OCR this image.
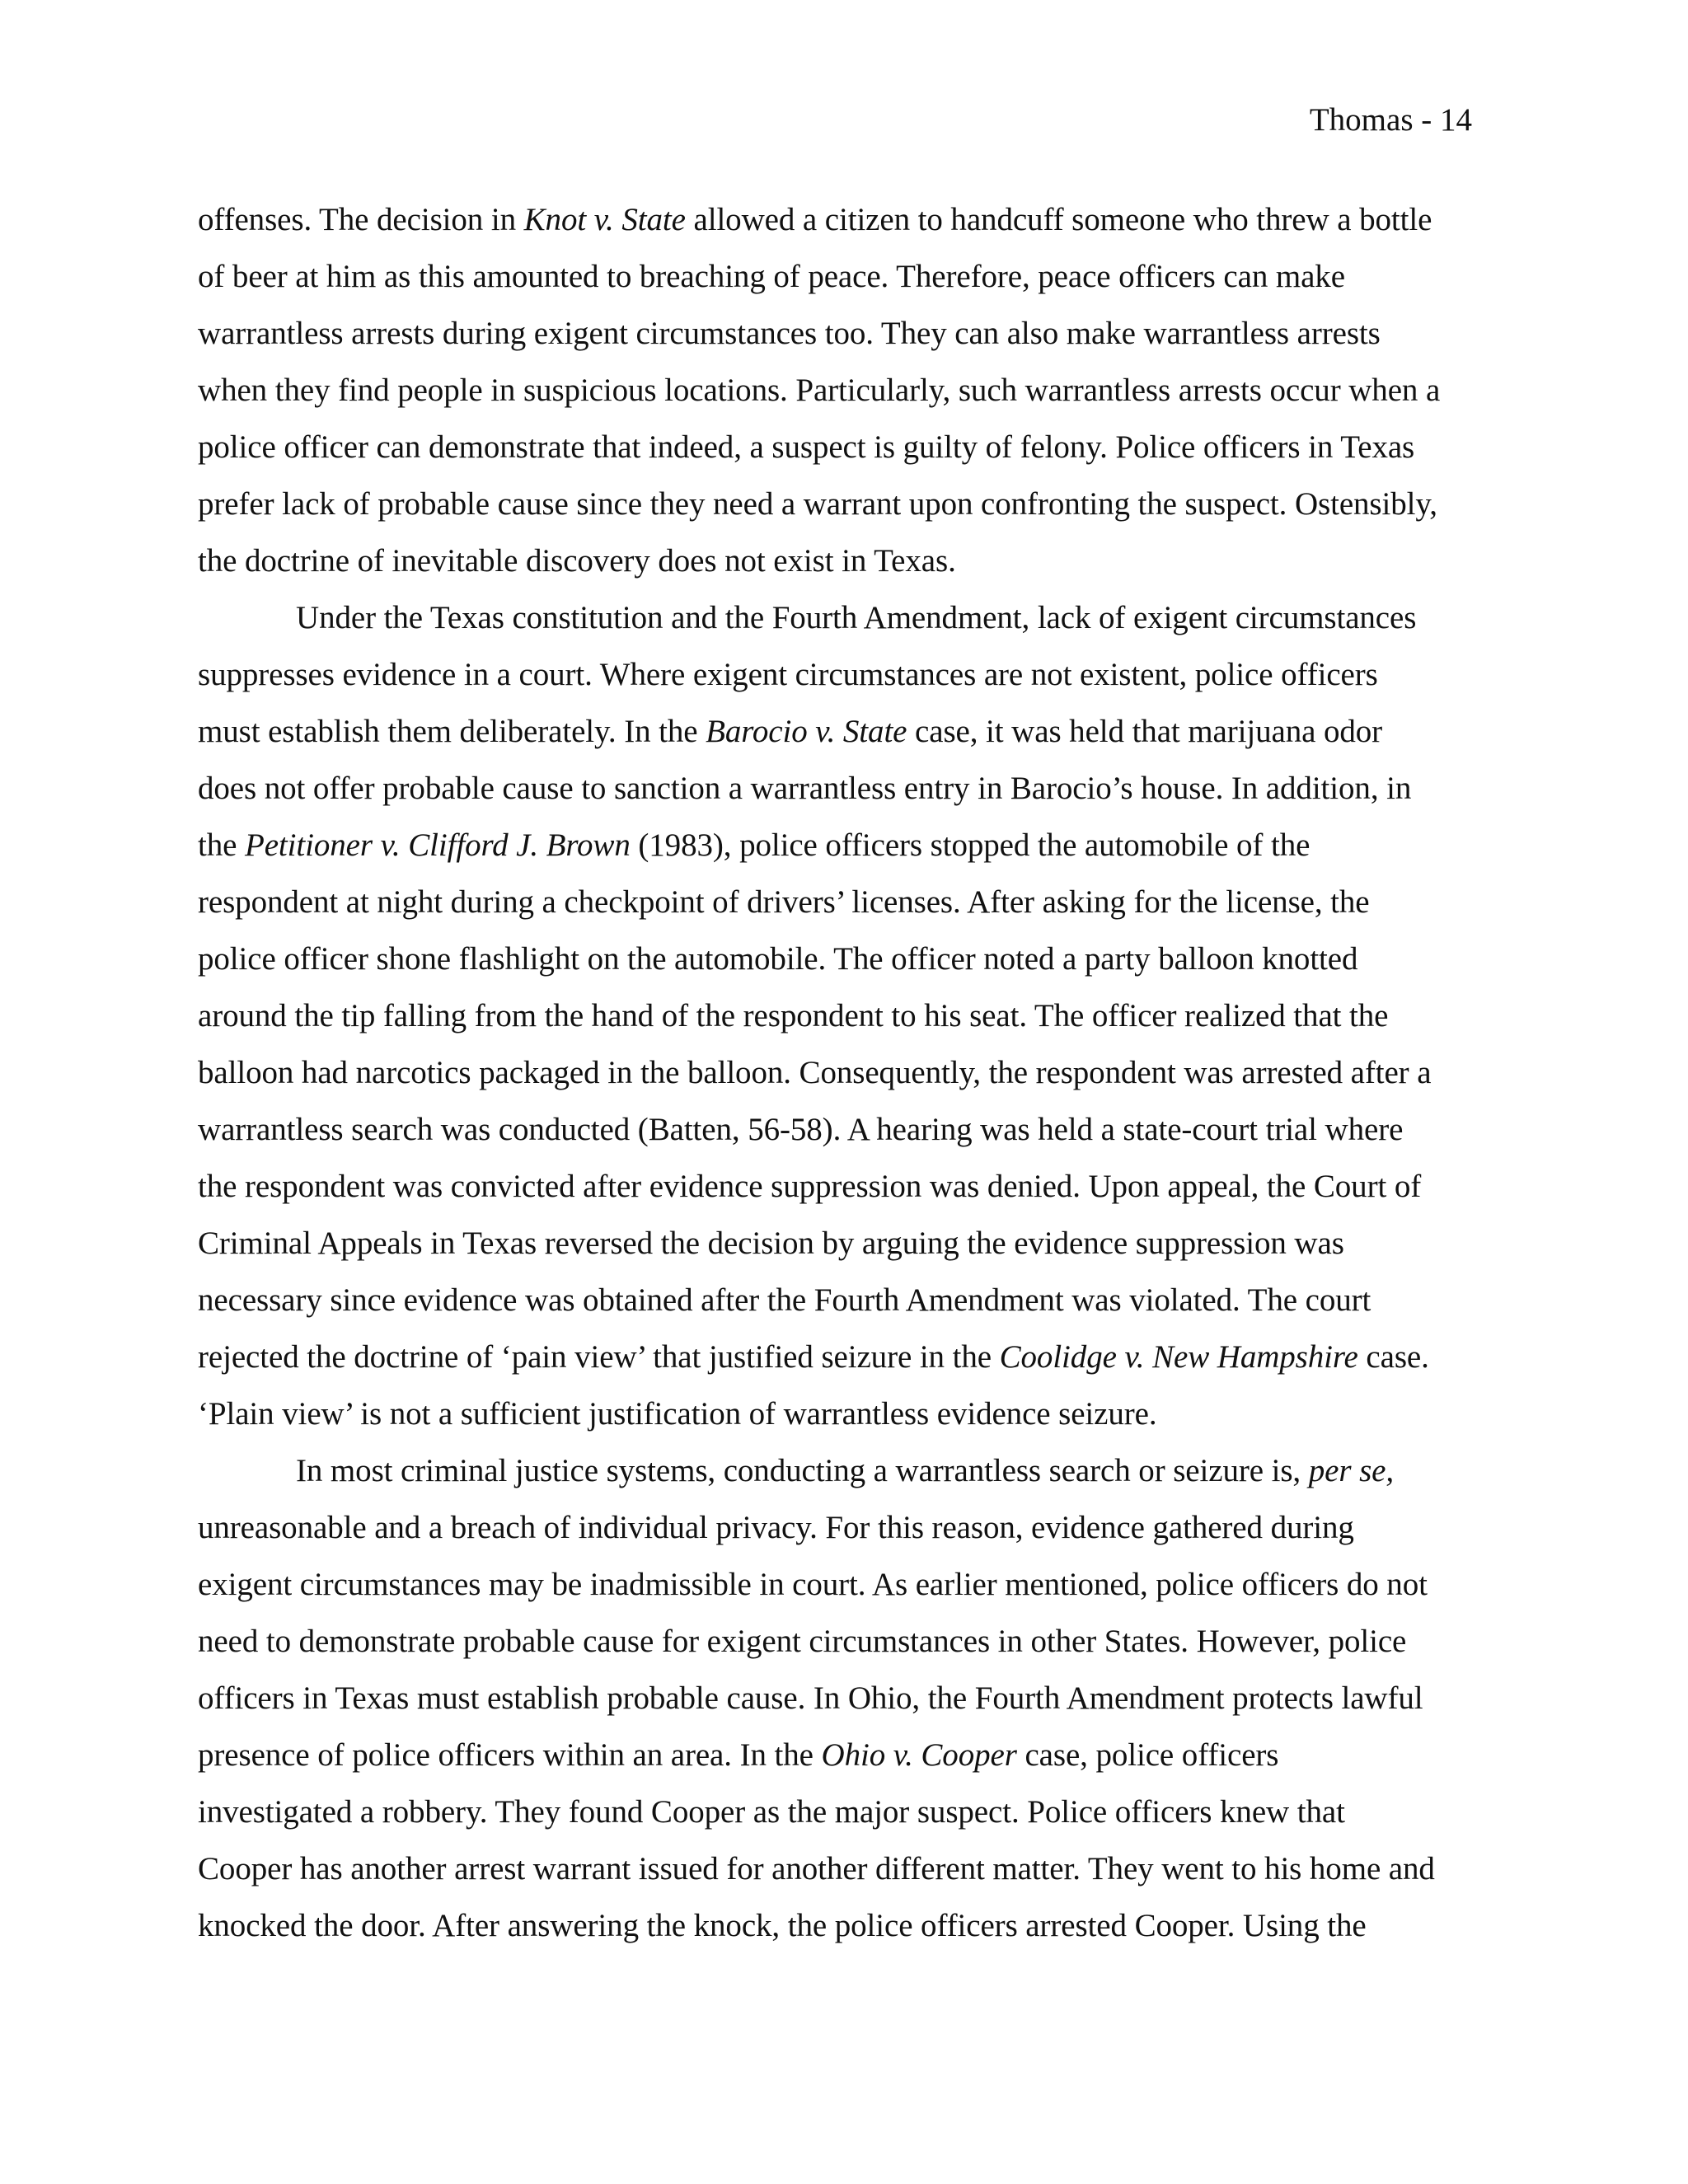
Thomas - 14
offenses. The decision in Knot v. State allowed a citizen to handcuff someone who threw a bottle
of beer at him as this amounted to breaching of peace. Therefore, peace officers can make
warrantless arrests during exigent circumstances too. They can also make warrantless arrests
when they find people in suspicious locations. Particularly, such warrantless arrests occur when a
police officer can demonstrate that indeed, a suspect is guilty of felony. Police officers in Texas
prefer lack of probable cause since they need a warrant upon confronting the suspect. Ostensibly,
the doctrine of inevitable discovery does not exist in Texas.
Under the Texas constitution and the Fourth Amendment, lack of exigent circumstances
suppresses evidence in a court. Where exigent circumstances are not existent, police officers
must establish them deliberately. In the Barocio v. State case, it was held that marijuana odor
does not offer probable cause to sanction a warrantless entry in Barocio’s house. In addition, in
the Petitioner v. Clifford J. Brown (1983), police officers stopped the automobile of the
respondent at night during a checkpoint of drivers’ licenses. After asking for the license, the
police officer shone flashlight on the automobile. The officer noted a party balloon knotted
around the tip falling from the hand of the respondent to his seat. The officer realized that the
balloon had narcotics packaged in the balloon. Consequently, the respondent was arrested after a
warrantless search was conducted (Batten, 56-58). A hearing was held a state-court trial where
the respondent was convicted after evidence suppression was denied. Upon appeal, the Court of
Criminal Appeals in Texas reversed the decision by arguing the evidence suppression was
necessary since evidence was obtained after the Fourth Amendment was violated. The court
rejected the doctrine of ‘pain view’ that justified seizure in the Coolidge v. New Hampshire case.
‘Plain view’ is not a sufficient justification of warrantless evidence seizure.
In most criminal justice systems, conducting a warrantless search or seizure is, per se,
unreasonable and a breach of individual privacy. For this reason, evidence gathered during
exigent circumstances may be inadmissible in court. As earlier mentioned, police officers do not
need to demonstrate probable cause for exigent circumstances in other States. However, police
officers in Texas must establish probable cause. In Ohio, the Fourth Amendment protects lawful
presence of police officers within an area. In the Ohio v. Cooper case, police officers
investigated a robbery. They found Cooper as the major suspect. Police officers knew that
Cooper has another arrest warrant issued for another different matter. They went to his home and
knocked the door. After answering the knock, the police officers arrested Cooper. Using the
